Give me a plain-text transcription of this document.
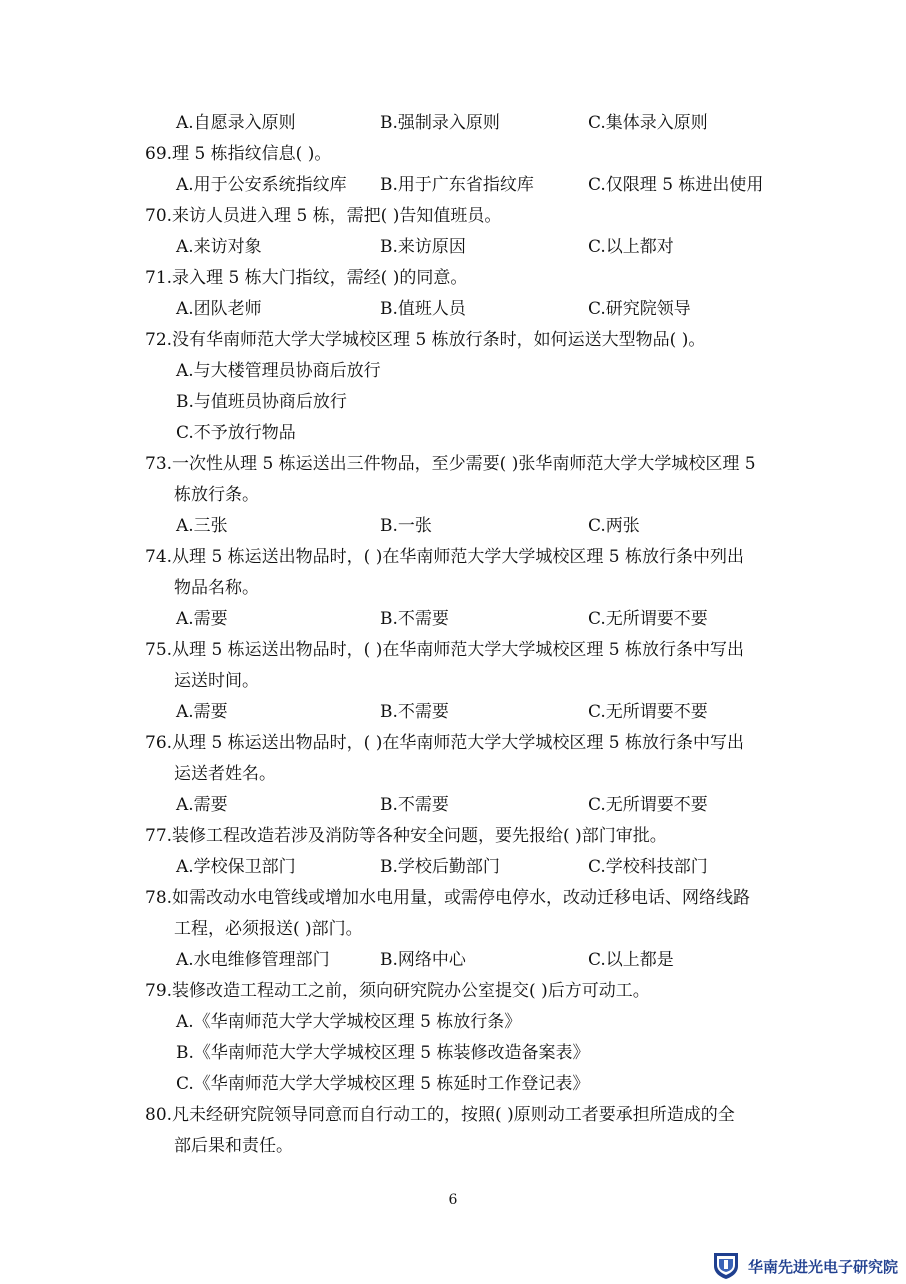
A.自愿录入原则	B.强制录入原则	C.集体录入原则
69.理 5 栋指纹信息( )。
A.用于公安系统指纹库 B.用于广东省指纹库	C.仅限理 5 栋进出使用
70.来访人员进入理 5 栋，需把( )告知值班员。
A.来访对象	B.来访原因	C.以上都对
71.录入理 5 栋大门指纹，需经( )的同意。
A.团队老师	B.值班人员	C.研究院领导
72.没有华南师范大学大学城校区理 5 栋放行条时，如何运送大型物品( )。
A.与大楼管理员协商后放行
B.与值班员协商后放行
C.不予放行物品
73.一次性从理 5 栋运送出三件物品，至少需要( )张华南师范大学大学城校区理 5
栋放行条。
A.三张	B.一张	C.两张
74.从理 5 栋运送出物品时，( )在华南师范大学大学城校区理 5 栋放行条中列出
物品名称。
A.需要	B.不需要	C.无所谓要不要
75.从理 5 栋运送出物品时，( )在华南师范大学大学城校区理 5 栋放行条中写出
运送时间。
A.需要	B.不需要	C.无所谓要不要
76.从理 5 栋运送出物品时，( )在华南师范大学大学城校区理 5 栋放行条中写出
运送者姓名。
A.需要	B.不需要	C.无所谓要不要
77.装修工程改造若涉及消防等各种安全问题，要先报给( )部门审批。
A.学校保卫部门	B.学校后勤部门	C.学校科技部门
78.如需改动水电管线或增加水电用量，或需停电停水，改动迁移电话、网络线路
工程，必须报送( )部门。
A.水电维修管理部门	B.网络中心	C.以上都是
79.装修改造工程动工之前，须向研究院办公室提交( )后方可动工。
A.《华南师范大学大学城校区理 5 栋放行条》
B.《华南师范大学大学城校区理 5 栋装修改造备案表》
C.《华南师范大学大学城校区理 5 栋延时工作登记表》
80.凡未经研究院领导同意而自行动工的，按照( )原则动工者要承担所造成的全
部后果和责任。
6
华南先进光电子研究院
